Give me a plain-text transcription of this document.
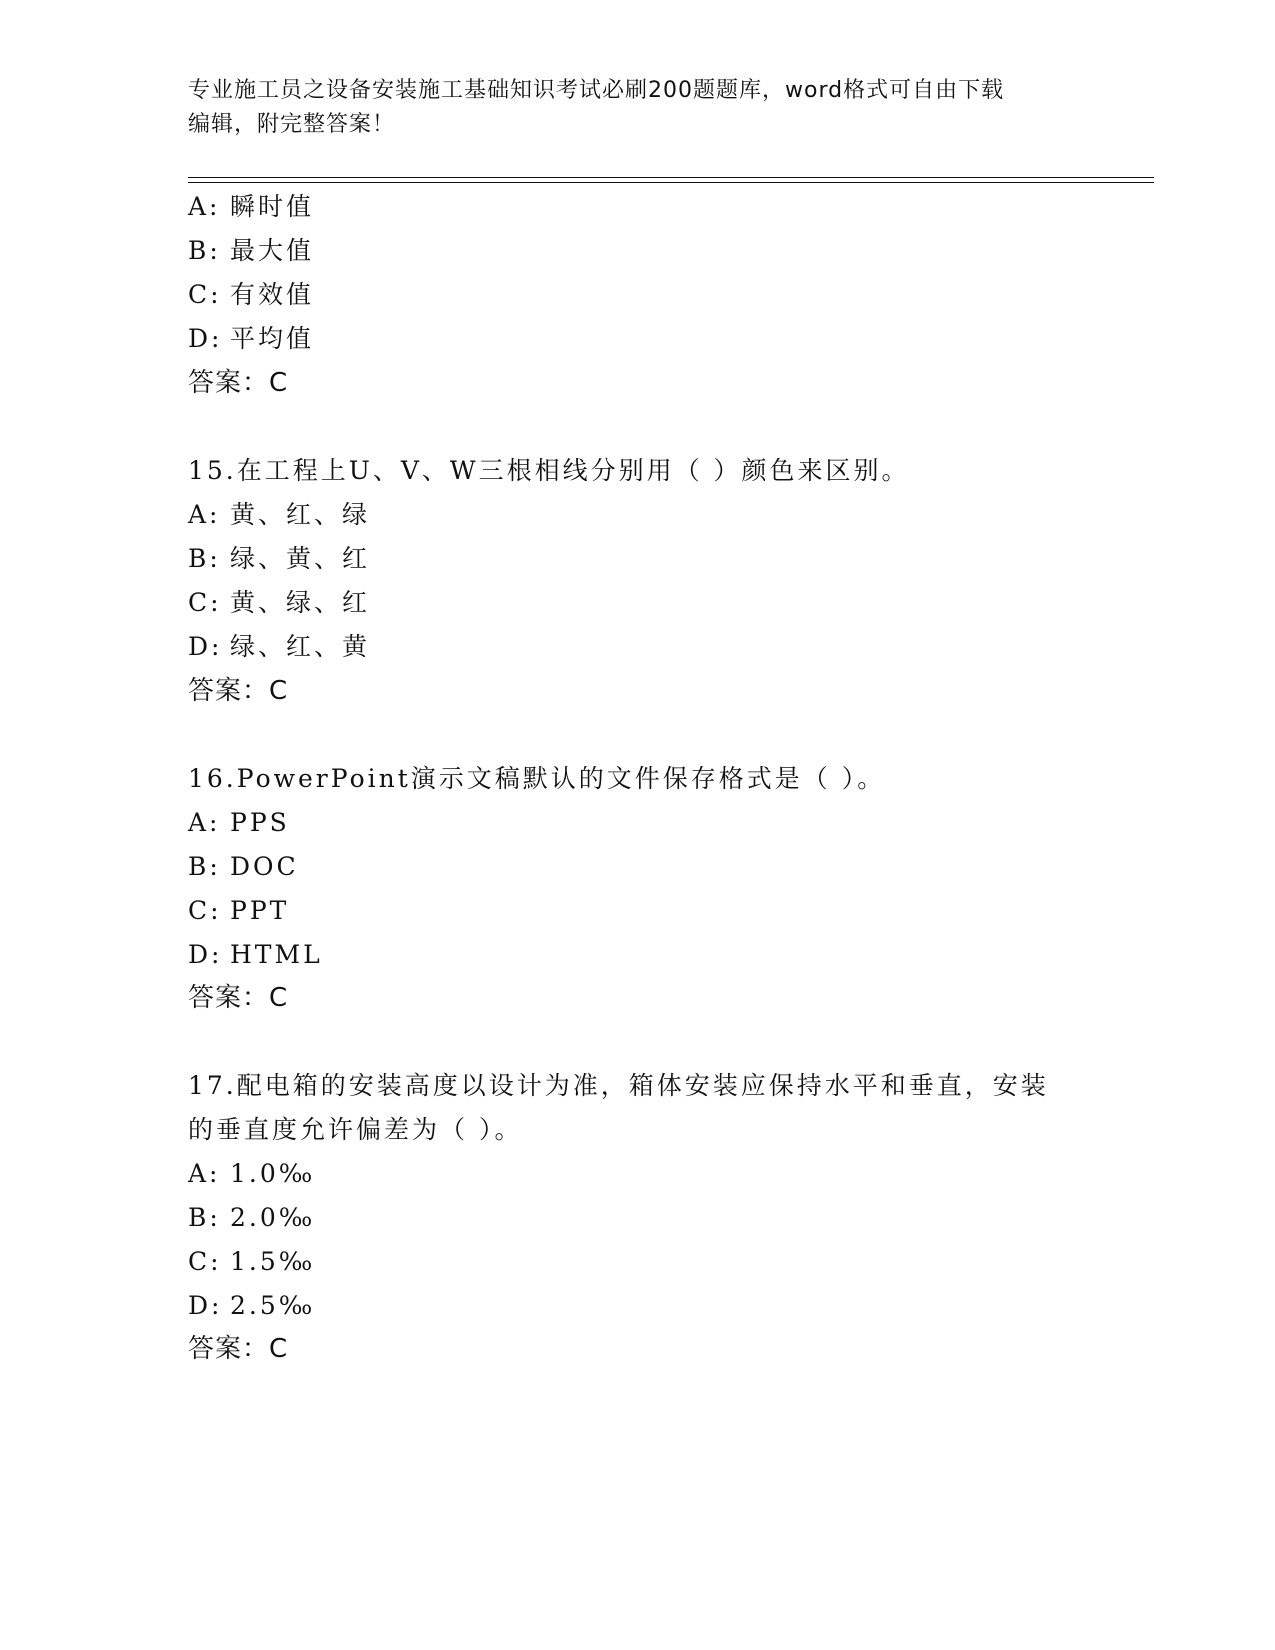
专业施工员之设备安装施工基础知识考试必刷200题题库，word格式可自由下载
编辑，附完整答案！
A: 瞬时值
B: 最大值
C: 有效值
D: 平均值
答案：C
15.在工程上U、V、W三根相线分别用（ ）颜色来区别。
A: 黄、红、绿
B: 绿、黄、红
C: 黄、绿、红
D: 绿、红、黄
答案：C
16.PowerPoint演示文稿默认的文件保存格式是（ ）。
A: PPS
B: DOC
C: PPT
D: HTML
答案：C
17.配电箱的安装高度以设计为准，箱体安装应保持水平和垂直，安装
的垂直度允许偏差为（ ）。
A: 1.0‰
B: 2.0‰
C: 1.5‰
D: 2.5‰
答案：C
